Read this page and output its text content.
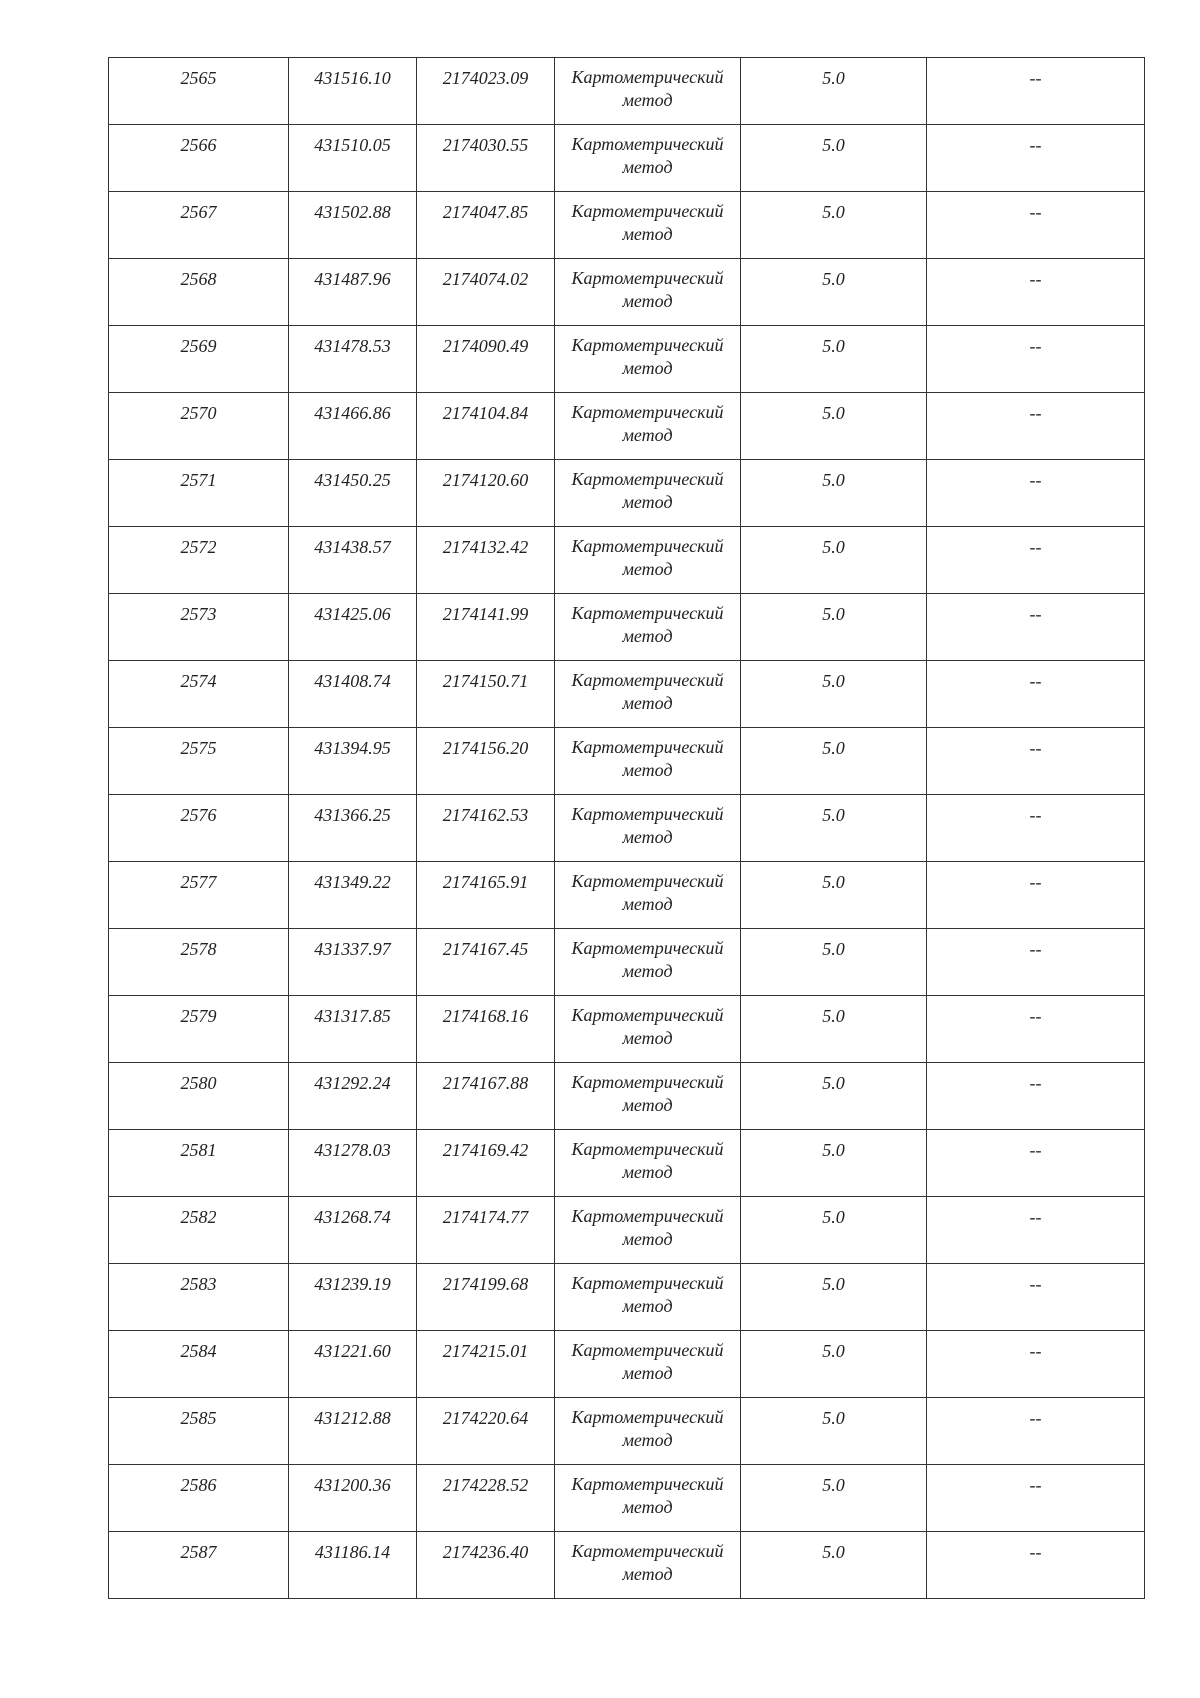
2565	431516.10	2174023.09	Картометрический метод	5.0	--

2566	431510.05	2174030.55	Картометрический метод	5.0	--

2567	431502.88	2174047.85	Картометрический метод	5.0	--

2568	431487.96	2174074.02	Картометрический метод	5.0	--

2569	431478.53	2174090.49	Картометрический метод	5.0	--

2570	431466.86	2174104.84	Картометрический метод	5.0	--

2571	431450.25	2174120.60	Картометрический метод	5.0	--

2572	431438.57	2174132.42	Картометрический метод	5.0	--

2573	431425.06	2174141.99	Картометрический метод	5.0	--

2574	431408.74	2174150.71	Картометрический метод	5.0	--

2575	431394.95	2174156.20	Картометрический метод	5.0	--

2576	431366.25	2174162.53	Картометрический метод	5.0	--

2577	431349.22	2174165.91	Картометрический метод	5.0	--

2578	431337.97	2174167.45	Картометрический метод	5.0	--

2579	431317.85	2174168.16	Картометрический метод	5.0	--

2580	431292.24	2174167.88	Картометрический метод	5.0	--

2581	431278.03	2174169.42	Картометрический метод	5.0	--

2582	431268.74	2174174.77	Картометрический метод	5.0	--

2583	431239.19	2174199.68	Картометрический метод	5.0	--

2584	431221.60	2174215.01	Картометрический метод	5.0	--

2585	431212.88	2174220.64	Картометрический метод	5.0	--

2586	431200.36	2174228.52	Картометрический метод	5.0	--

2587	431186.14	2174236.40	Картометрический метод	5.0	--
